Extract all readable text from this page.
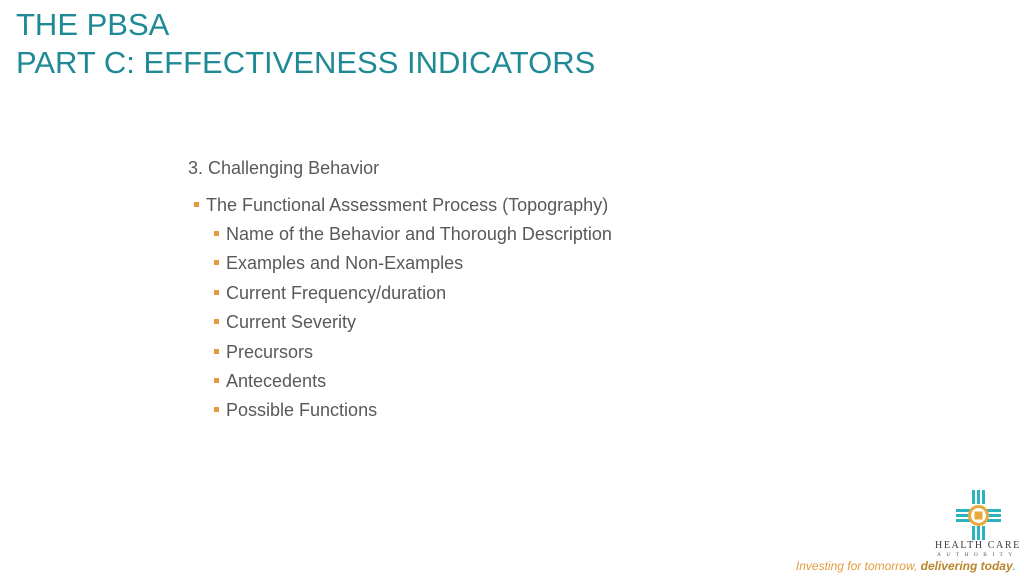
THE PBSA
PART C: EFFECTIVENESS INDICATORS
3. Challenging Behavior
The Functional Assessment Process (Topography)
Name of the Behavior and Thorough Description
Examples and Non-Examples
Current Frequency/duration
Current Severity
Precursors
Antecedents
Possible Functions
HEALTH CARE
AUTHORITY
Investing for tomorrow, delivering today.
